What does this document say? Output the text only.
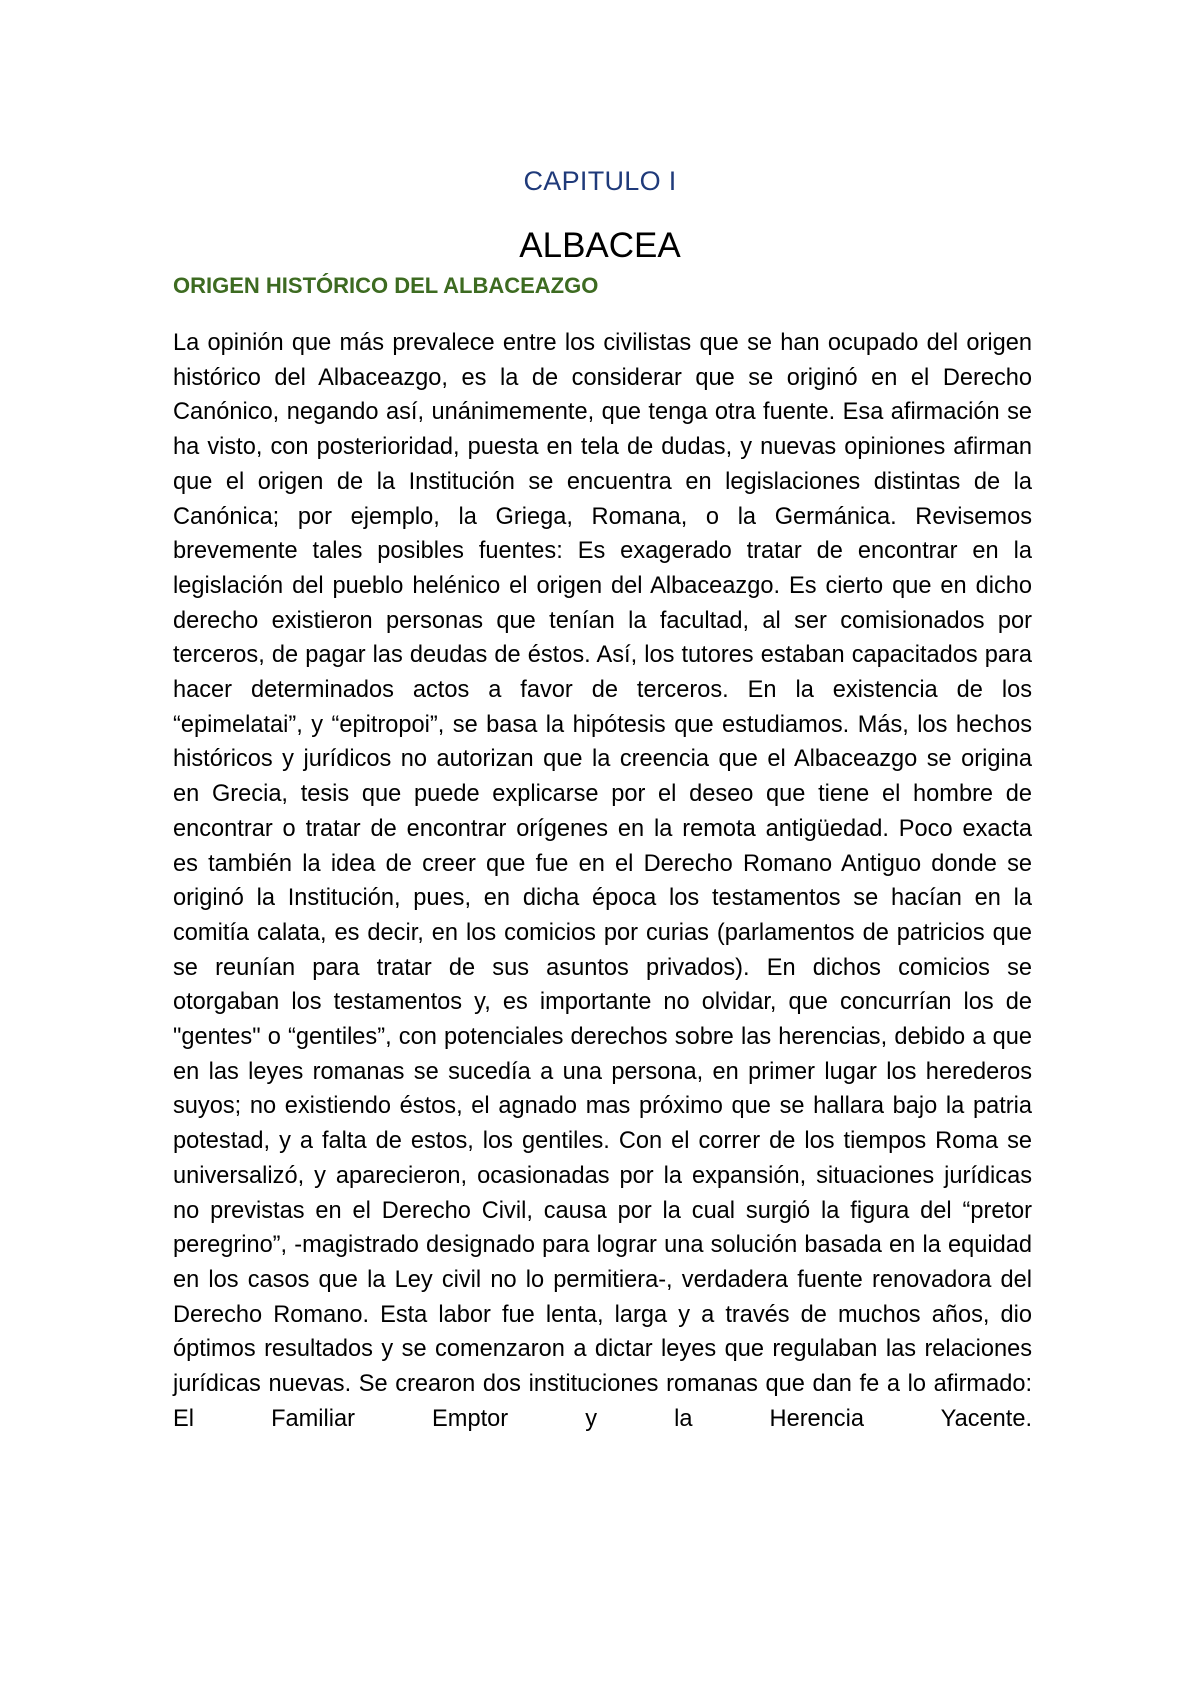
CAPITULO I
ALBACEA
ORIGEN HISTÓRICO DEL ALBACEAZGO

La opinión que más prevalece entre los civilistas que se han ocupado del origen histórico del Albaceazgo, es la de considerar que se originó en el Derecho Canónico, negando así, unánimemente, que tenga otra fuente. Esa afirmación se ha visto, con posterioridad, puesta en tela de dudas, y nuevas opiniones afirman que el origen de la Institución se encuentra en legislaciones distintas de la Canónica; por ejemplo, la Griega, Romana, o la Germánica. Revisemos brevemente tales posibles fuentes: Es exagerado tratar de encontrar en la legislación del pueblo helénico el origen del Albaceazgo. Es cierto que en dicho derecho existieron personas que tenían la facultad, al ser comisionados por terceros, de pagar las deudas de éstos. Así, los tutores estaban capacitados para hacer determinados actos a favor de terceros. En la existencia de los “epimelatai”, y “epitropoi”, se basa la hipótesis que estudiamos. Más, los hechos históricos y jurídicos no autorizan que la creencia que el Albaceazgo se origina en Grecia, tesis que puede explicarse por el deseo que tiene el hombre de encontrar o tratar de encontrar orígenes en la remota antigüedad. Poco exacta es también la idea de creer que fue en el Derecho Romano Antiguo donde se originó la Institución, pues, en dicha época los testamentos se hacían en la comitía calata, es decir, en los comicios por curias (parlamentos de patricios que se reunían para tratar de sus asuntos privados). En dichos comicios se otorgaban los testamentos y, es importante no olvidar, que concurrían los de "gentes" o “gentiles”, con potenciales derechos sobre las herencias, debido a que en las leyes romanas se sucedía a una persona, en primer lugar los herederos suyos; no existiendo éstos, el agnado mas próximo que se hallara bajo la patria potestad, y a falta de estos, los gentiles. Con el correr de los tiempos Roma se universalizó, y aparecieron, ocasionadas por la expansión, situaciones jurídicas no previstas en el Derecho Civil, causa por la cual surgió la figura del “pretor peregrino”, -magistrado designado para lograr una solución basada en la equidad en los casos que la Ley civil no lo permitiera-, verdadera fuente renovadora del Derecho Romano. Esta labor fue lenta, larga y a través de muchos años, dio óptimos resultados y se comenzaron a dictar leyes que regulaban las relaciones jurídicas nuevas. Se crearon dos instituciones romanas que dan fe a lo afirmado: El Familiar Emptor y la Herencia Yacente.
